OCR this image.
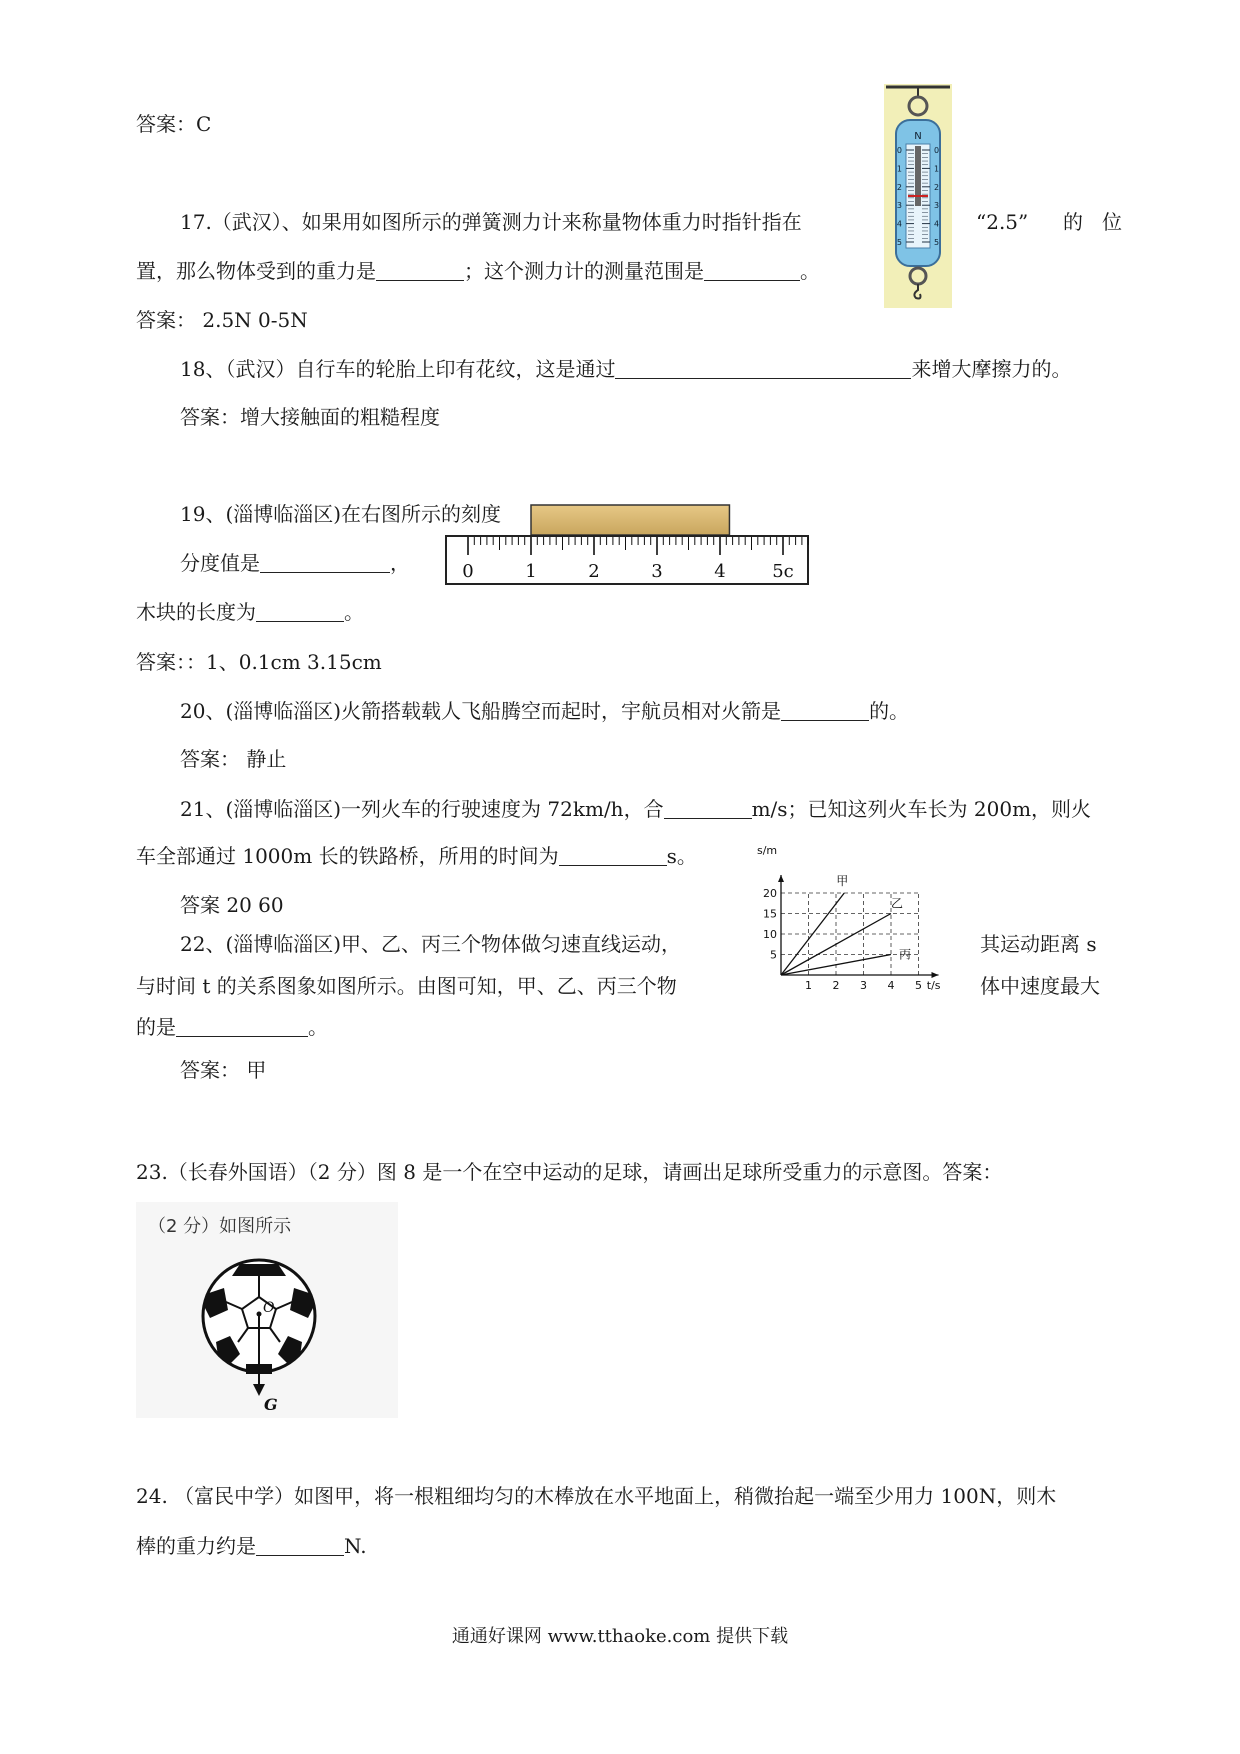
答案：C
17.（武汉）、如果用如图所示的弹簧测力计来称量物体重力时指针指在	“2.5” 的 位
置，那么物体受到的重力是	；这个测力计的测量范围是	。
答案： 2.5N 0-5N
N
0	0
1	1
2	2
3	3
4	4
5	5
18、（武汉）自行车的轮胎上印有花纹，这是通过	来增大摩擦力的。
答案：增大接触面的粗糙程度
19、(淄博临淄区)在右图所示的刻度
分度值是	，
木块的长度为	。
答案：：1、0.1cm 3.15cm
0	1	2	3	4	5c
20、(淄博临淄区)火箭搭载载人飞船腾空而起时，宇航员相对火箭是	的。
答案： 静止
21、(淄博临淄区)一列火车的行驶速度为 72km/h，合	m/s；已知这列火车长为 200m，则火
车全部通过 1000m 长的铁路桥，所用的时间为	s。
答案 20 60
22、(淄博临淄区)甲、乙、丙三个物体做匀速直线运动，	其运动距离 s
与时间 t 的关系图象如图所示。由图可知，甲、乙、丙三个物	体中速度最大
的是	。
答案： 甲
5
10
15
20
1 2 3 4 5 t/s
s/m
甲
乙
丙
23.（长春外国语）（2 分）图 8 是一个在空中运动的足球，请画出足球所受重力的示意图。答案：
（2 分）如图所示
O
G
24. （富民中学）如图甲，将一根粗细均匀的木棒放在水平地面上，稍微抬起一端至少用力 100N，则木
棒的重力约是	N.
通通好课网 www.tthaoke.com 提供下载
